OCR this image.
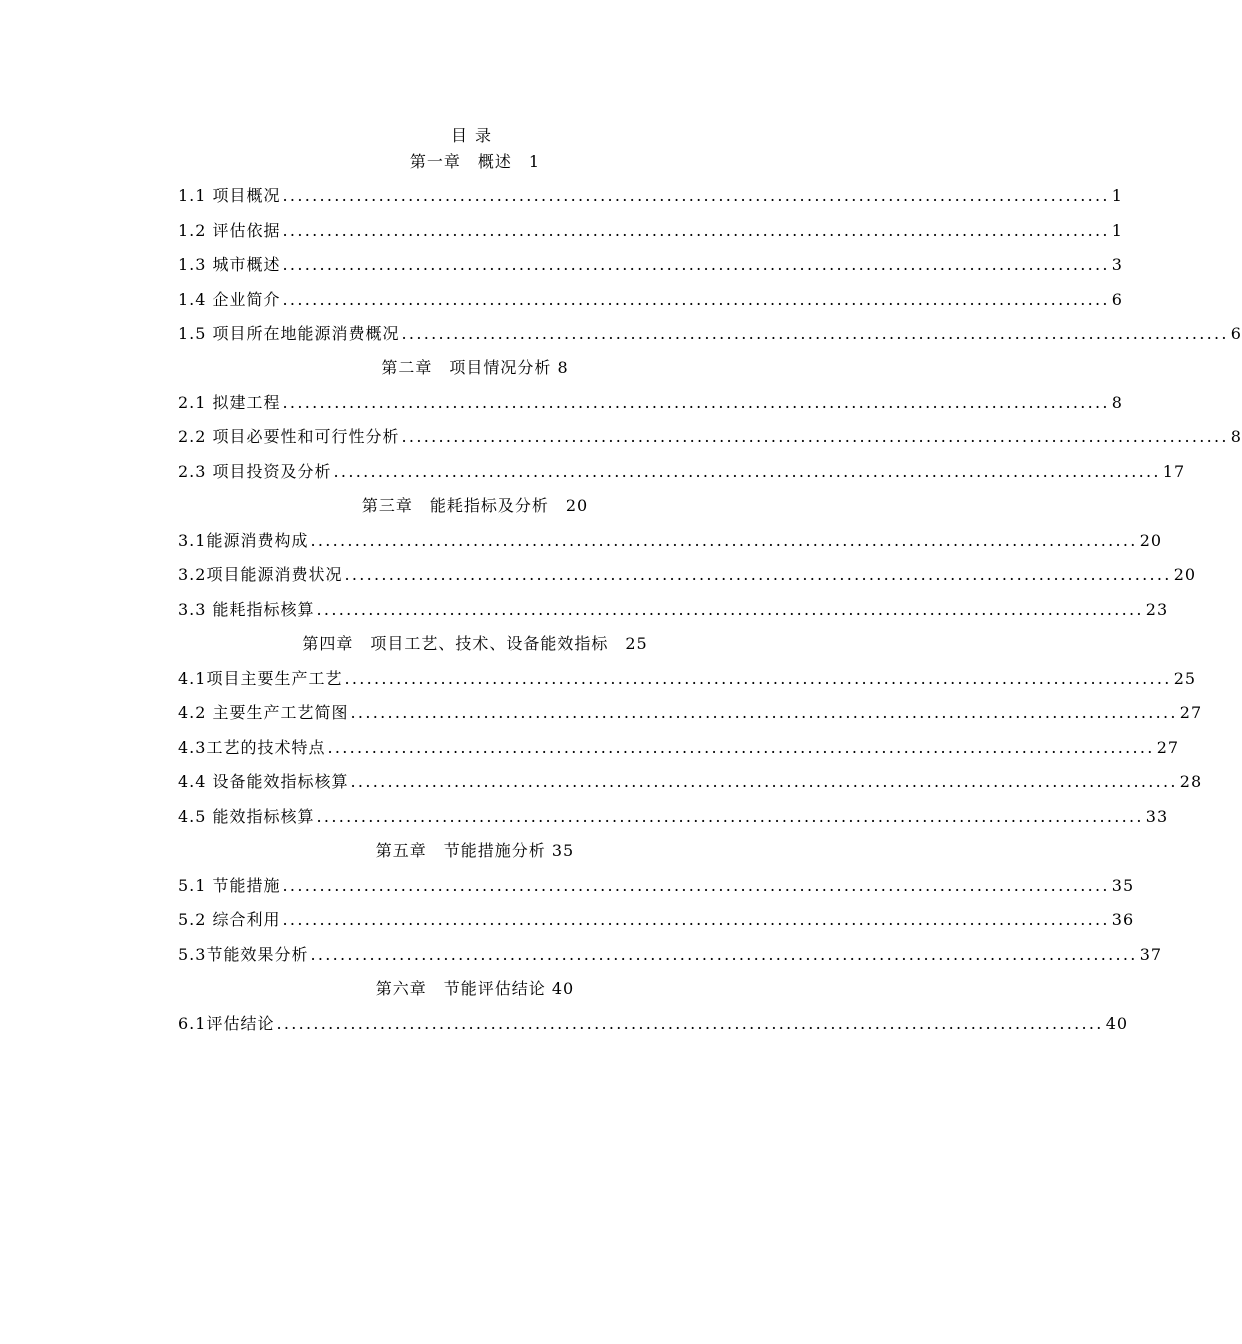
目录
第一章　概述　1
1.1 项目概况 ................................................................................................................ 1
1.2 评估依据 ................................................................................................................ 1
1.3 城市概述 ................................................................................................................ 3
1.4 企业简介 ................................................................................................................ 6
1.5 项目所在地能源消费概况 ................................................................................................................ 6
第二章　项目情况分析 8
2.1 拟建工程 ................................................................................................................ 8
2.2 项目必要性和可行性分析 ................................................................................................................ 8
2.3 项目投资及分析 ................................................................................................................ 17
第三章　能耗指标及分析　20
3.1 能源消费构成 ................................................................................................................ 20
3.2 项目能源消费状况 ................................................................................................................ 20
3.3 能耗指标核算 ................................................................................................................ 23
第四章　项目工艺、技术、设备能效指标　25
4.1 项目主要生产工艺 ................................................................................................................ 25
4.2 主要生产工艺简图 ................................................................................................................ 27
4.3 工艺的技术特点 ................................................................................................................ 27
4.4 设备能效指标核算 ................................................................................................................ 28
4.5 能效指标核算 ................................................................................................................ 33
第五章　节能措施分析 35
5.1 节能措施 ................................................................................................................ 35
5.2 综合利用 ................................................................................................................ 36
5.3 节能效果分析 ................................................................................................................ 37
第六章　节能评估结论 40
6.1 评估结论 ................................................................................................................ 40
